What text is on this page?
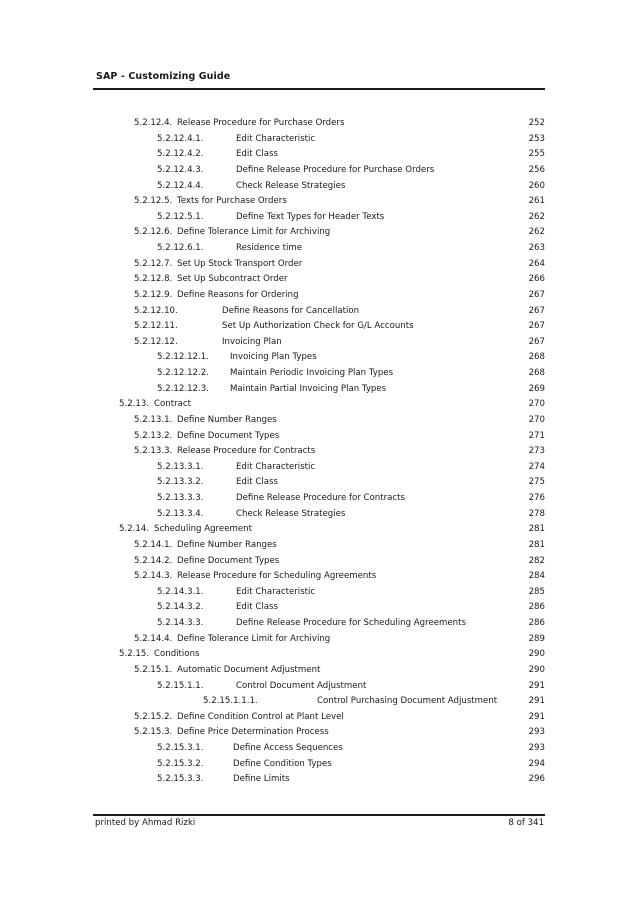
SAP - Customizing Guide
5.2.12.4. Release Procedure for Purchase Orders	252
5.2.12.4.1.	Edit Characteristic	253
5.2.12.4.2.	Edit Class	255
5.2.12.4.3.	Define Release Procedure for Purchase Orders	256
5.2.12.4.4.	Check Release Strategies	260
5.2.12.5. Texts for Purchase Orders	261
5.2.12.5.1.	Define Text Types for Header Texts	262
5.2.12.6. Define Tolerance Limit for Archiving	262
5.2.12.6.1.	Residence time	263
5.2.12.7. Set Up Stock Transport Order	264
5.2.12.8. Set Up Subcontract Order	266
5.2.12.9. Define Reasons for Ordering	267
5.2.12.10.	Define Reasons for Cancellation	267
5.2.12.11.	Set Up Authorization Check for G/L Accounts	267
5.2.12.12.	Invoicing Plan	267
5.2.12.12.1. Invoicing Plan Types	268
5.2.12.12.2. Maintain Periodic Invoicing Plan Types	268
5.2.12.12.3. Maintain Partial Invoicing Plan Types	269
5.2.13. Contract	270
5.2.13.1. Define Number Ranges	270
5.2.13.2. Define Document Types	271
5.2.13.3. Release Procedure for Contracts	273
5.2.13.3.1.	Edit Characteristic	274
5.2.13.3.2.	Edit Class	275
5.2.13.3.3.	Define Release Procedure for Contracts	276
5.2.13.3.4.	Check Release Strategies	278
5.2.14. Scheduling Agreement	281
5.2.14.1. Define Number Ranges	281
5.2.14.2. Define Document Types	282
5.2.14.3. Release Procedure for Scheduling Agreements	284
5.2.14.3.1.	Edit Characteristic	285
5.2.14.3.2.	Edit Class	286
5.2.14.3.3.	Define Release Procedure for Scheduling Agreements	286
5.2.14.4. Define Tolerance Limit for Archiving	289
5.2.15. Conditions	290
5.2.15.1. Automatic Document Adjustment	290
5.2.15.1.1.	Control Document Adjustment	291
5.2.15.1.1.1.	Control Purchasing Document Adjustment	291
5.2.15.2. Define Condition Control at Plant Level	291
5.2.15.3. Define Price Determination Process	293
5.2.15.3.1.	Define Access Sequences	293
5.2.15.3.2.	Define Condition Types	294
5.2.15.3.3.	Define Limits	296
printed by Ahmad Rizki	8 of 341
